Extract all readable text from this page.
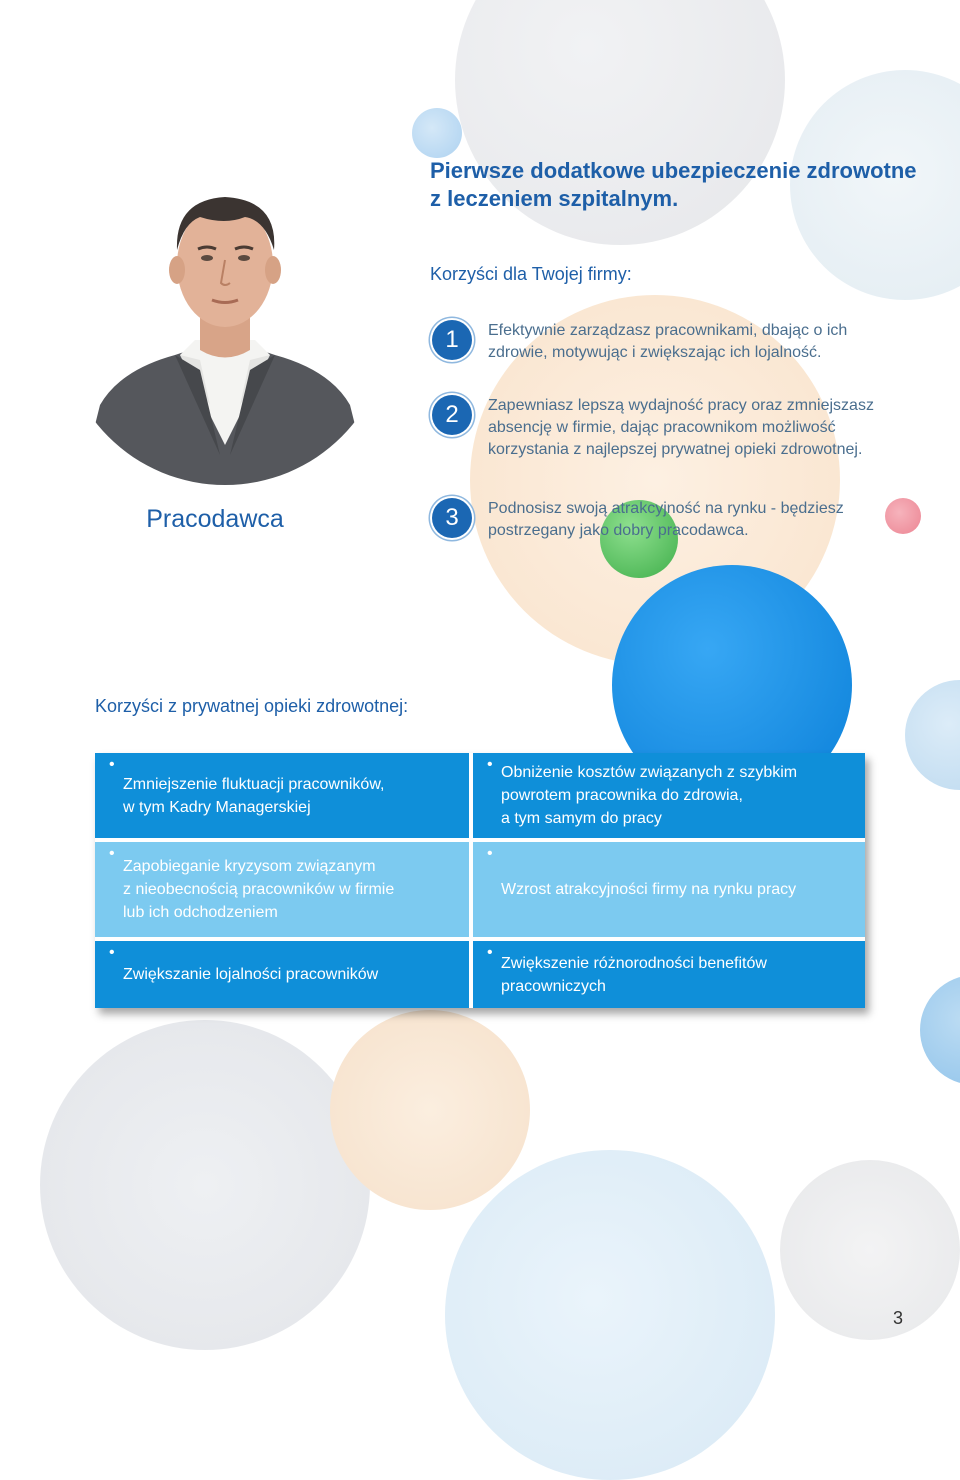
Pracodawca
Pierwsze dodatkowe ubezpieczenie zdrowotne
z leczeniem szpitalnym.
Korzyści dla Twojej firmy:
1	Efektywnie zarządzasz pracownikami, dbając o ich
zdrowie, motywując i zwiększając ich lojalność.
2	Zapewniasz lepszą wydajność pracy oraz zmniejszasz
absencję w firmie, dając pracownikom możliwość
korzystania z najlepszej prywatnej opieki zdrowotnej.
3	Podnosisz swoją atrakcyjność na rynku - będziesz
postrzegany jako dobry pracodawca.
Korzyści z prywatnej opieki zdrowotnej:
•
Zmniejszenie fluktuacji pracowników,
w tym Kadry Managerskiej
• Obniżenie kosztów związanych z szybkim
powrotem pracownika do zdrowia,
a tym samym do pracy
•
Zapobieganie kryzysom związanym
z nieobecnością pracowników w firmie
lub ich odchodzeniem
•
Wzrost atrakcyjności firmy na rynku pracy
•
Zwiększanie lojalności pracowników
•
Zwiększenie różnorodności benefitów
pracowniczych
3
